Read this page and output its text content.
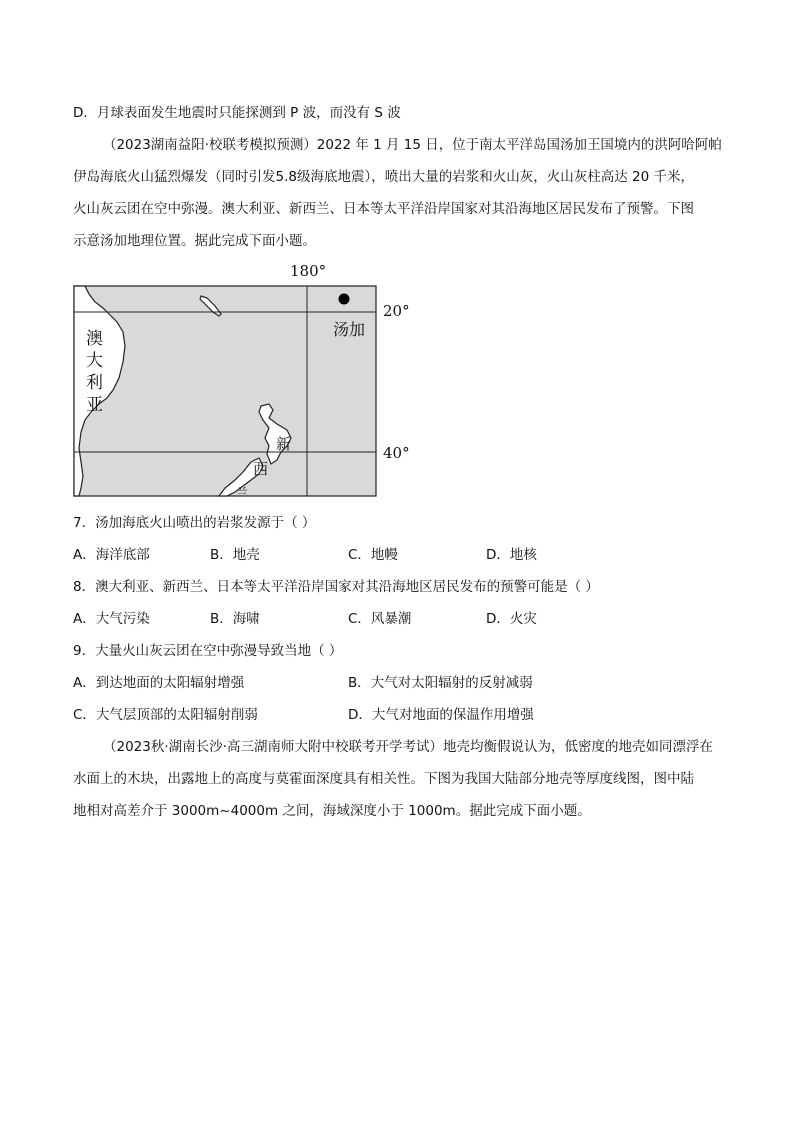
D．月球表面发生地震时只能探测到 P 波，而没有 S 波
（2023湖南益阳·校联考模拟预测）2022 年 1 月 15 日，位于南太平洋岛国汤加王国境内的洪阿哈阿帕
伊岛海底火山猛烈爆发（同时引发5.8级海底地震），喷出大量的岩浆和火山灰，火山灰柱高达 20 千米，
火山灰云团在空中弥漫。澳大利亚、新西兰、日本等太平洋沿岸国家对其沿海地区居民发布了预警。下图
示意汤加地理位置。据此完成下面小题。
180°
20°
40°
汤加
澳
大
利
亚
新
西
兰
7．汤加海底火山喷出的岩浆发源于（ ）
A．海洋底部	B．地壳	C．地幔	D．地核
8．澳大利亚、新西兰、日本等太平洋沿岸国家对其沿海地区居民发布的预警可能是（ ）
A．大气污染	B．海啸	C．风暴潮	D．火灾
9．大量火山灰云团在空中弥漫导致当地（ ）
A．到达地面的太阳辐射增强	B．大气对太阳辐射的反射减弱
C．大气层顶部的太阳辐射削弱	D．大气对地面的保温作用增强
（2023秋·湖南长沙·高三湖南师大附中校联考开学考试）地壳均衡假说认为，低密度的地壳如同漂浮在
水面上的木块，出露地上的高度与莫霍面深度具有相关性。下图为我国大陆部分地壳等厚度线图，图中陆
地相对高差介于 3000m~4000m 之间，海域深度小于 1000m。据此完成下面小题。
